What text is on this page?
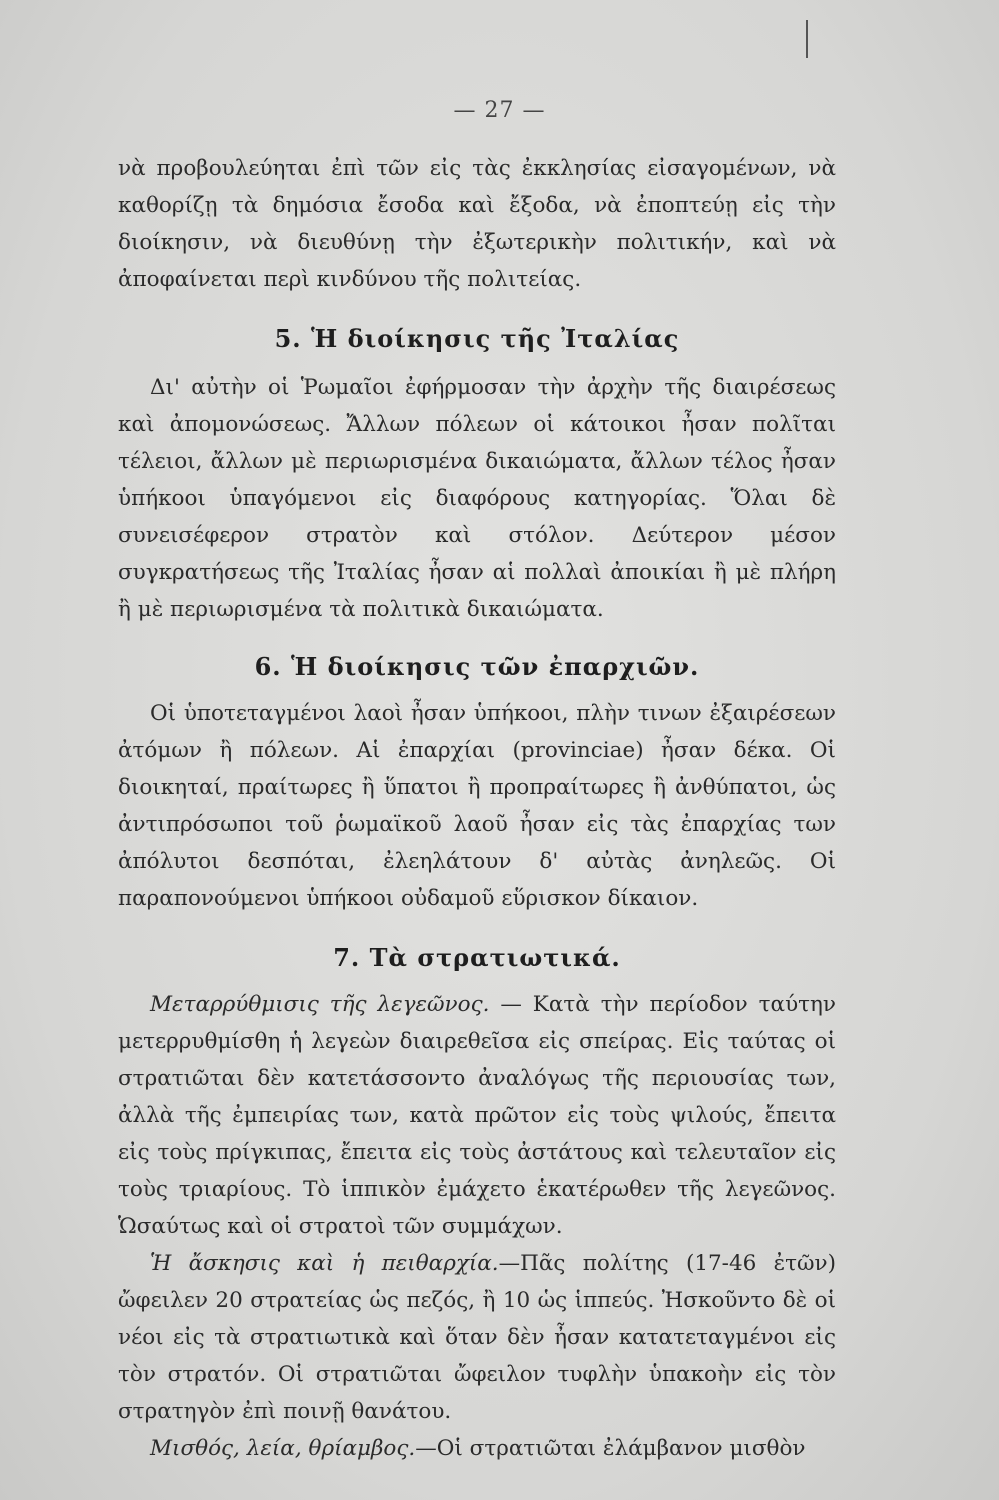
— 27 —

νὰ προβουλεύηται ἐπὶ τῶν εἰς τὰς ἐκκλησίας εἰσαγομένων, νὰ καθορίζῃ τὰ δημόσια ἔσοδα καὶ ἔξοδα, νὰ ἐποπτεύῃ εἰς τὴν διοίκησιν, νὰ διευθύνῃ τὴν ἐξωτερικὴν πολιτικήν, καὶ νὰ ἀποφαίνεται περὶ κινδύνου τῆς πολιτείας.

5. Ἡ διοίκησις τῆς Ἰταλίας

Δι' αὐτὴν οἱ Ῥωμαῖοι ἐφήρμοσαν τὴν ἀρχὴν τῆς διαιρέσεως καὶ ἀπομονώσεως. Ἄλλων πόλεων οἱ κάτοικοι ἦσαν πολῖται τέλειοι, ἄλλων μὲ περιωρισμένα δικαιώματα, ἄλλων τέλος ἦσαν ὑπήκοοι ὑπαγόμενοι εἰς διαφόρους κατηγορίας. Ὅλαι δὲ συνεισέφερον στρατὸν καὶ στόλον. Δεύτερον μέσον συγκρατήσεως τῆς Ἰταλίας ἦσαν αἱ πολλαὶ ἀποικίαι ἢ μὲ πλήρη ἢ μὲ περιωρισμένα τὰ πολιτικὰ δικαιώματα.

6. Ἡ διοίκησις τῶν ἐπαρχιῶν.

Οἱ ὑποτεταγμένοι λαοὶ ἦσαν ὑπήκοοι, πλὴν τινων ἐξαιρέσεων ἀτόμων ἢ πόλεων. Αἱ ἐπαρχίαι (provinciae) ἦσαν δέκα. Οἱ διοικηταί, πραίτωρες ἢ ὕπατοι ἢ προπραίτωρες ἢ ἀνθύπατοι, ὡς ἀντιπρόσωποι τοῦ ῥωμαϊκοῦ λαοῦ ἦσαν εἰς τὰς ἐπαρχίας των ἀπόλυτοι δεσπόται, ἐλεηλάτουν δ' αὐτὰς ἀνηλεῶς. Οἱ παραπονούμενοι ὑπήκοοι οὐδαμοῦ εὕρισκον δίκαιον.

7. Τὰ στρατιωτικά.

Μεταρρύθμισις τῆς λεγεῶνος. — Κατὰ τὴν περίοδον ταύτην μετερρυθμίσθη ἡ λεγεὼν διαιρεθεῖσα εἰς σπείρας. Εἰς ταύτας οἱ στρατιῶται δὲν κατετάσσοντο ἀναλόγως τῆς περιουσίας των, ἀλλὰ τῆς ἐμπειρίας των, κατὰ πρῶτον εἰς τοὺς ψιλούς, ἔπειτα εἰς τοὺς πρίγκιπας, ἔπειτα εἰς τοὺς ἀστάτους καὶ τελευταῖον εἰς τοὺς τριαρίους. Τὸ ἱππικὸν ἐμάχετο ἑκατέρωθεν τῆς λεγεῶνος. Ὡσαύτως καὶ οἱ στρατοὶ τῶν συμμάχων.

Ἡ ἄσκησις καὶ ἡ πειθαρχία.—Πᾶς πολίτης (17-46 ἐτῶν) ὤφειλεν 20 στρατείας ὡς πεζός, ἢ 10 ὡς ἱππεύς. Ἠσκοῦντο δὲ οἱ νέοι εἰς τὰ στρατιωτικὰ καὶ ὅταν δὲν ἦσαν κατατεταγμένοι εἰς τὸν στρατόν. Οἱ στρατιῶται ὤφειλον τυφλὴν ὑπακοὴν εἰς τὸν στρατηγὸν ἐπὶ ποινῇ θανάτου.

Μισθός, λεία, θρίαμβος.—Οἱ στρατιῶται ἐλάμβανον μισθὸν
